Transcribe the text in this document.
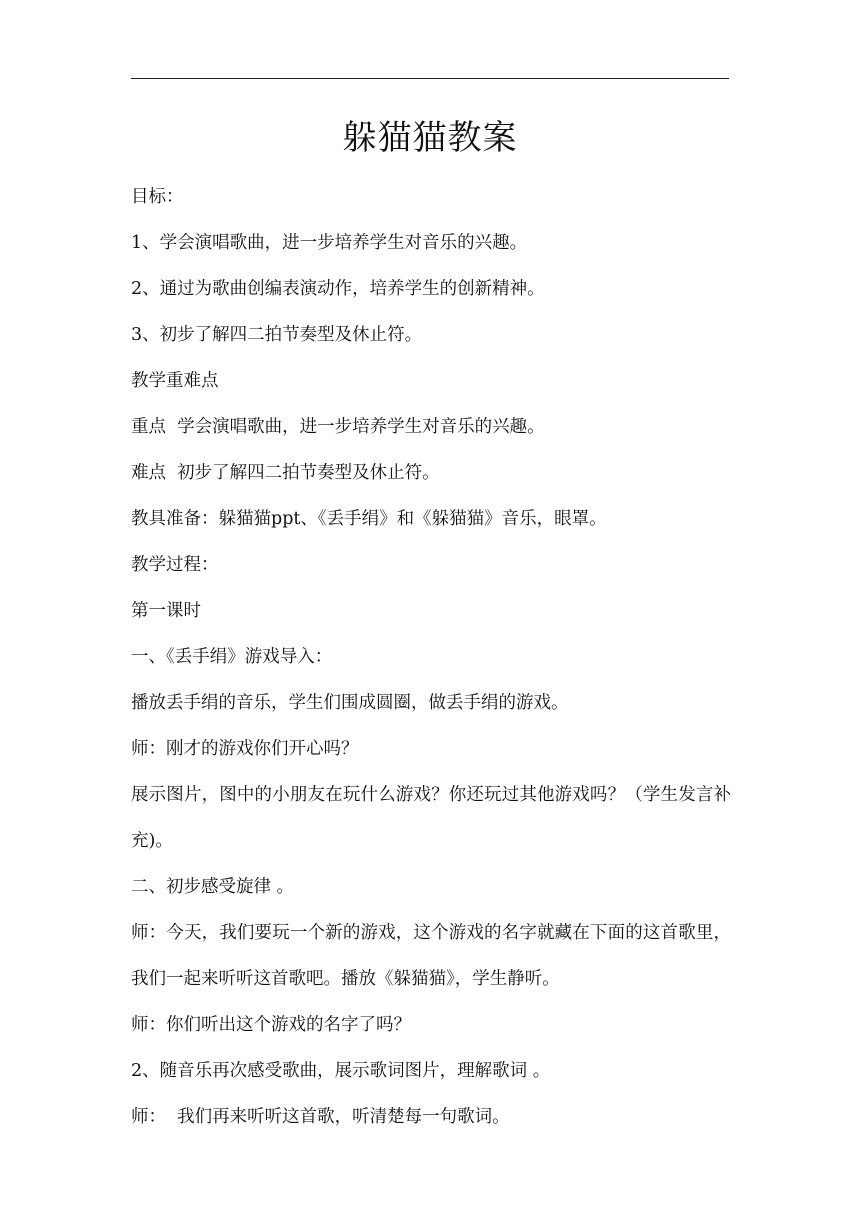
躲猫猫教案

目标：

1、学会演唱歌曲，进一步培养学生对音乐的兴趣。

2、通过为歌曲创编表演动作，培养学生的创新精神。

3、初步了解四二拍节奏型及休止符。

教学重难点

重点  学会演唱歌曲，进一步培养学生对音乐的兴趣。

难点  初步了解四二拍节奏型及休止符。

教具准备：躲猫猫ppt、《丢手绢》和《躲猫猫》音乐，眼罩。

教学过程：

第一课时

一、《丢手绢》游戏导入：

播放丢手绢的音乐，学生们围成圆圈，做丢手绢的游戏。

师：刚才的游戏你们开心吗？

展示图片，图中的小朋友在玩什么游戏？你还玩过其他游戏吗？（学生发言补充)。

二、初步感受旋律 。

师：今天，我们要玩一个新的游戏，这个游戏的名字就藏在下面的这首歌里，我们一起来听听这首歌吧。播放《躲猫猫》，学生静听。

师：你们听出这个游戏的名字了吗？

2、随音乐再次感受歌曲，展示歌词图片，理解歌词 。

师：  我们再来听听这首歌，听清楚每一句歌词。
